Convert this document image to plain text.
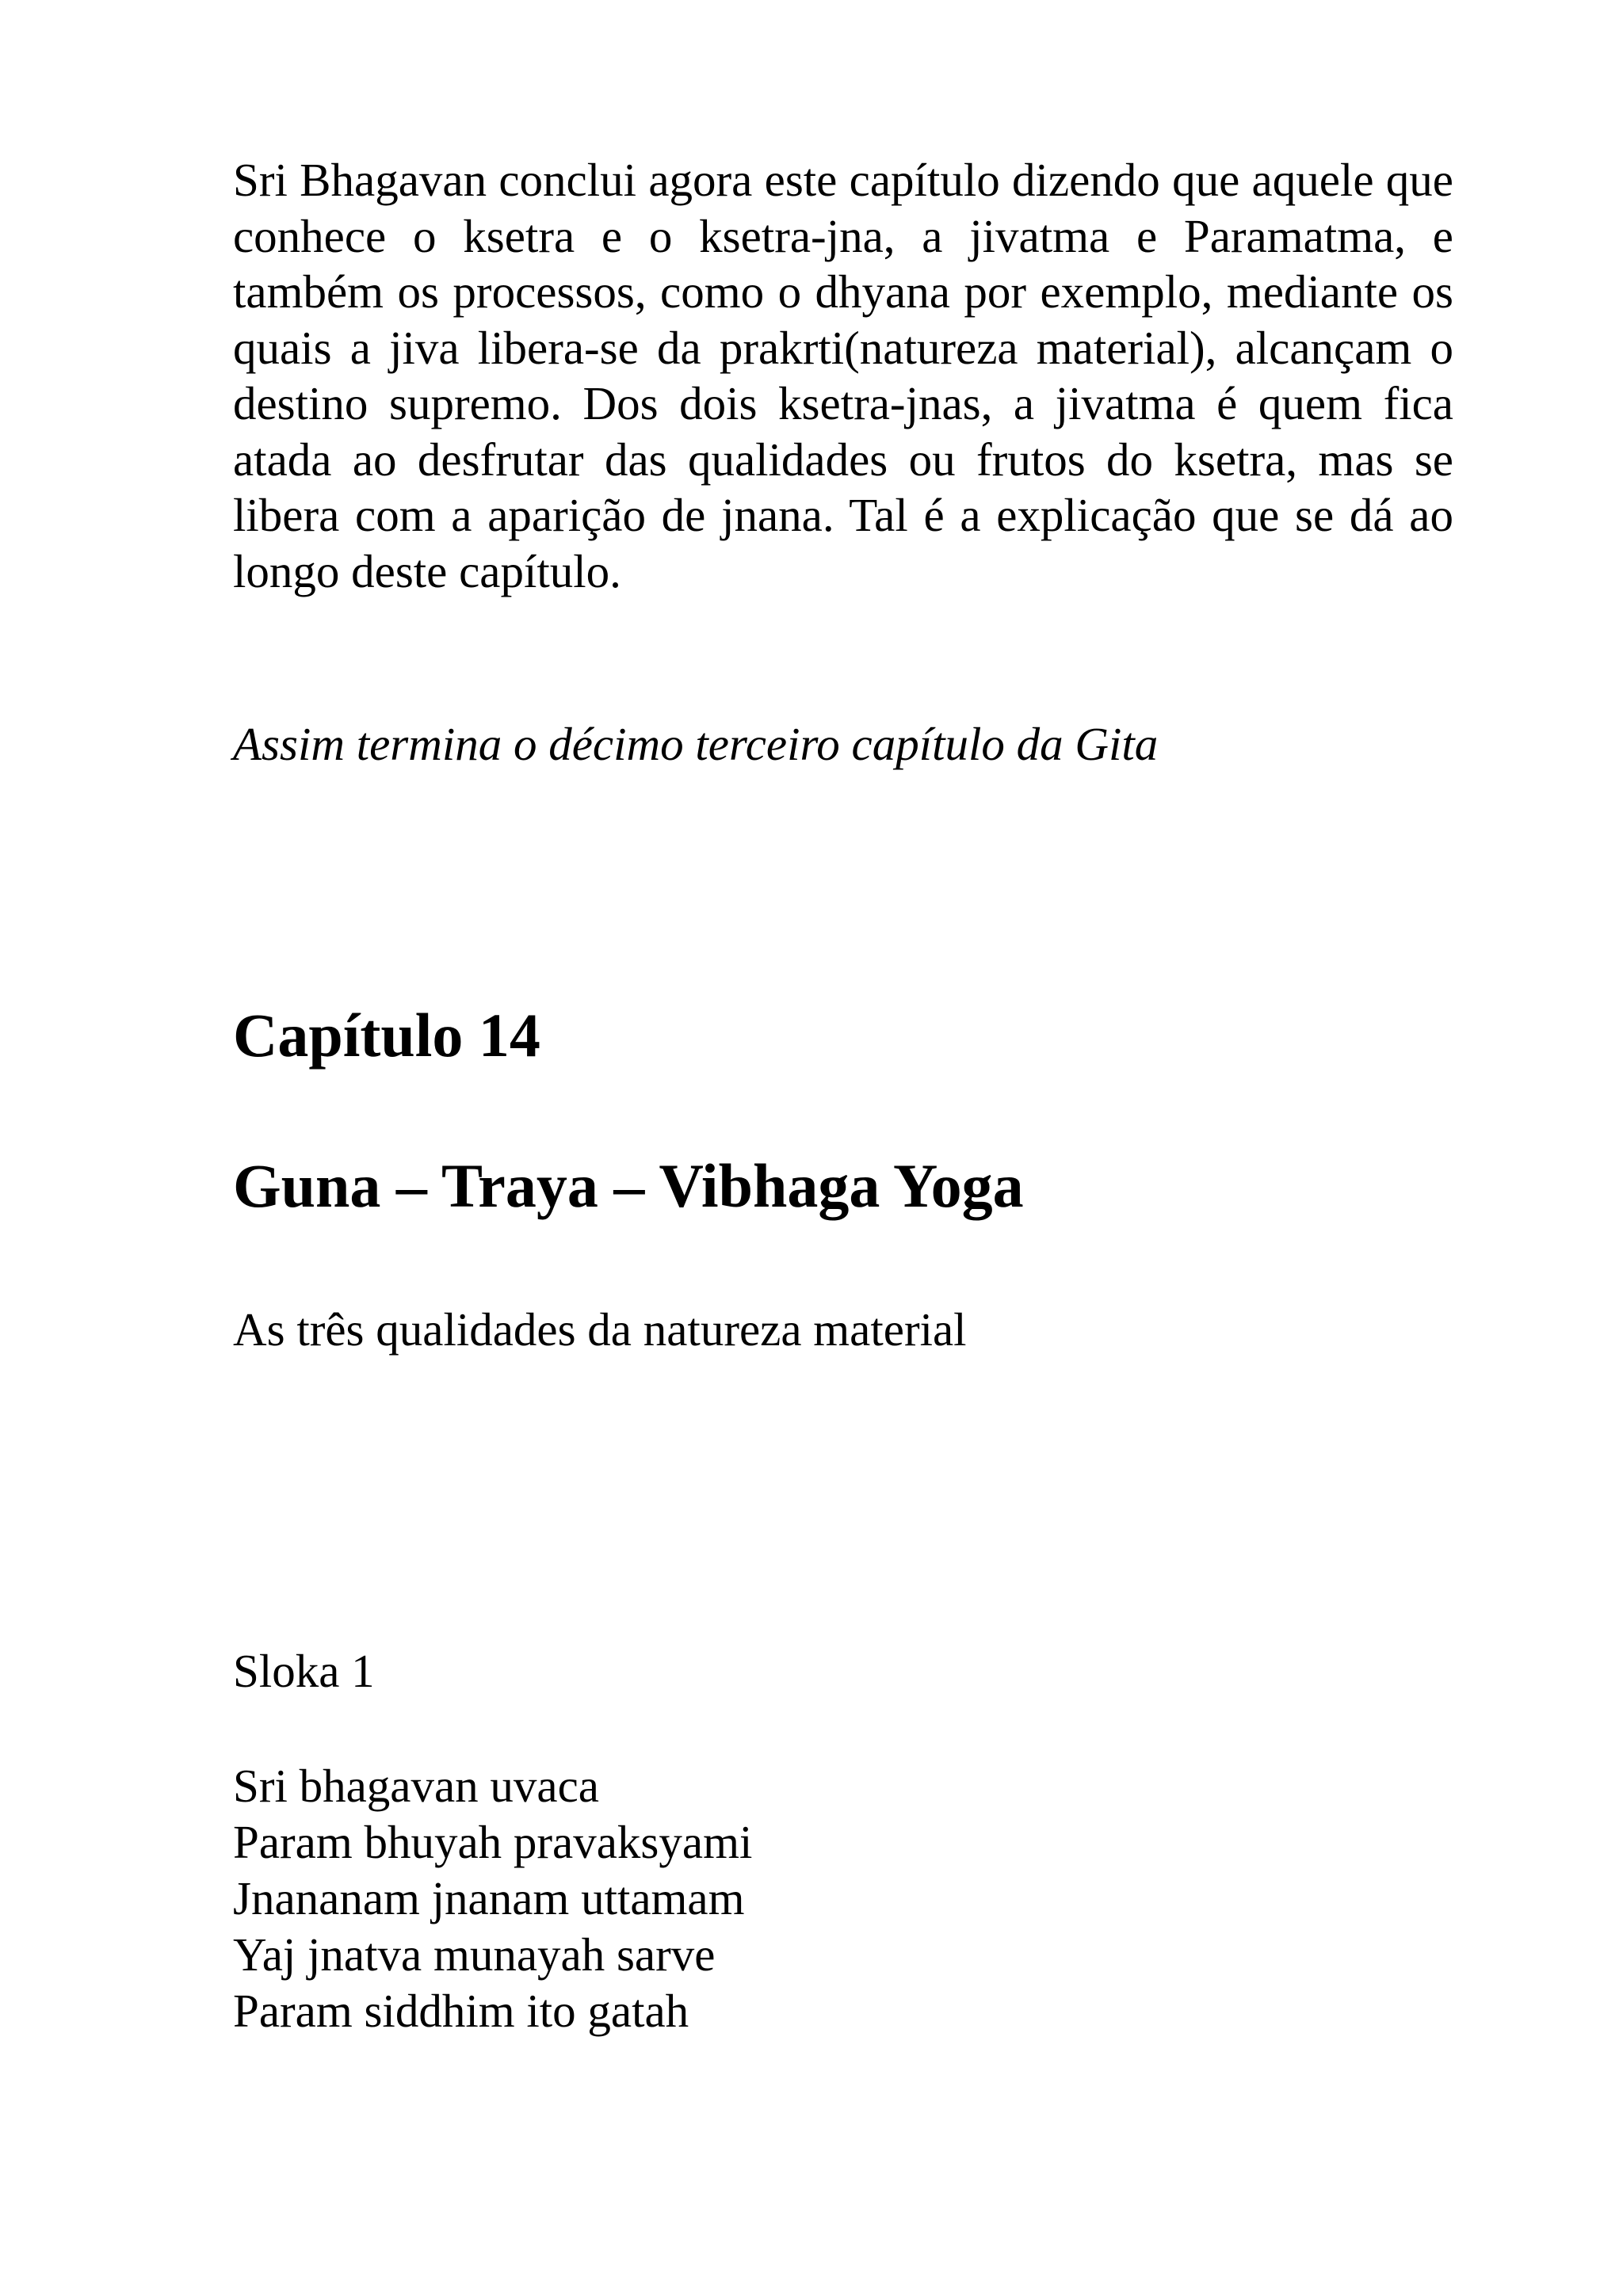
Sri Bhagavan conclui agora este capítulo dizendo que aquele que conhece o ksetra e o ksetra-jna, a jivatma e Paramatma, e também os processos, como o dhyana por exemplo, mediante os quais a jiva libera-se da prakrti(natureza material), alcançam o destino supremo. Dos dois ksetra-jnas, a jivatma é quem fica atada ao desfrutar das qualidades ou frutos do ksetra, mas se libera com a aparição de jnana. Tal é a explicação que se dá ao longo deste capítulo.

Assim termina o décimo terceiro capítulo da Gita

Capítulo 14
Guna – Traya – Vibhaga Yoga

As três qualidades da natureza material

Sloka 1

Sri bhagavan uvaca
Param bhuyah pravaksyami
Jnananam jnanam uttamam
Yaj jnatva munayah sarve
Param siddhim ito gatah
